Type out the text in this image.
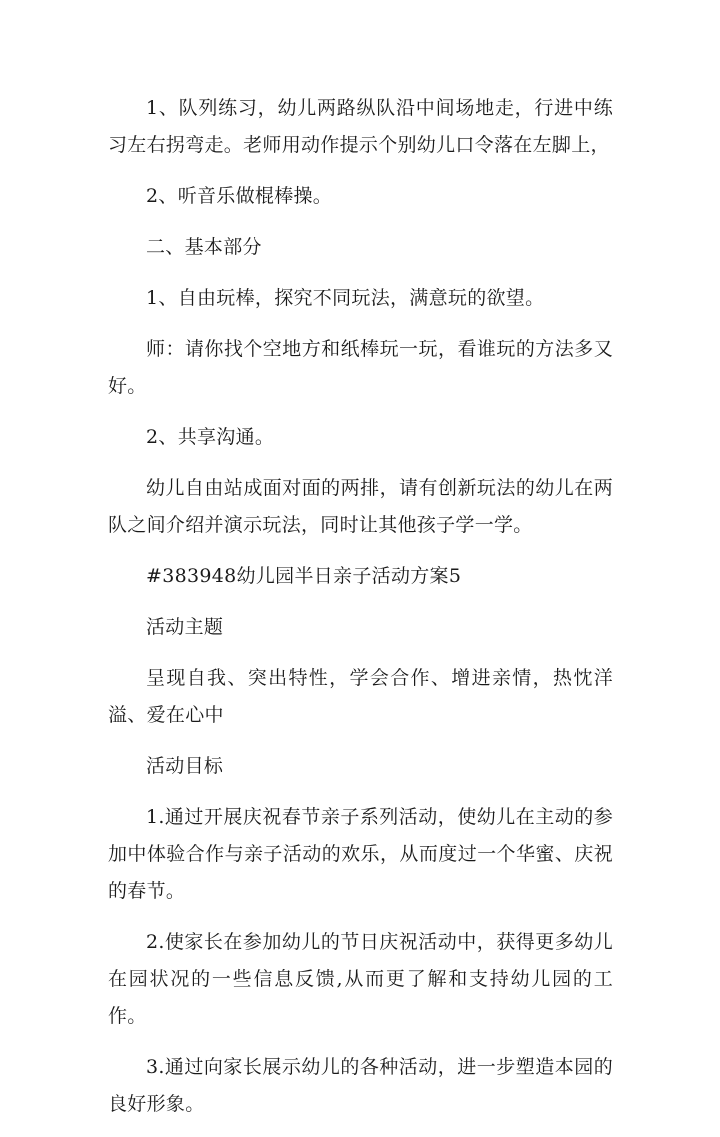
1、队列练习，幼儿两路纵队沿中间场地走，行进中练习左右拐弯走。老师用动作提示个别幼儿口令落在左脚上，

2、听音乐做棍棒操。

二、基本部分

1、自由玩棒，探究不同玩法，满意玩的欲望。

师：请你找个空地方和纸棒玩一玩，看谁玩的方法多又好。

2、共享沟通。

幼儿自由站成面对面的两排，请有创新玩法的幼儿在两队之间介绍并演示玩法，同时让其他孩子学一学。

#383948幼儿园半日亲子活动方案5

活动主题

呈现自我、突出特性，学会合作、增进亲情，热忱洋溢、爱在心中

活动目标

1.通过开展庆祝春节亲子系列活动，使幼儿在主动的参加中体验合作与亲子活动的欢乐，从而度过一个华蜜、庆祝的春节。

2.使家长在参加幼儿的节日庆祝活动中，获得更多幼儿在园状况的一些信息反馈,从而更了解和支持幼儿园的工作。

3.通过向家长展示幼儿的各种活动，进一步塑造本园的良好形象。
